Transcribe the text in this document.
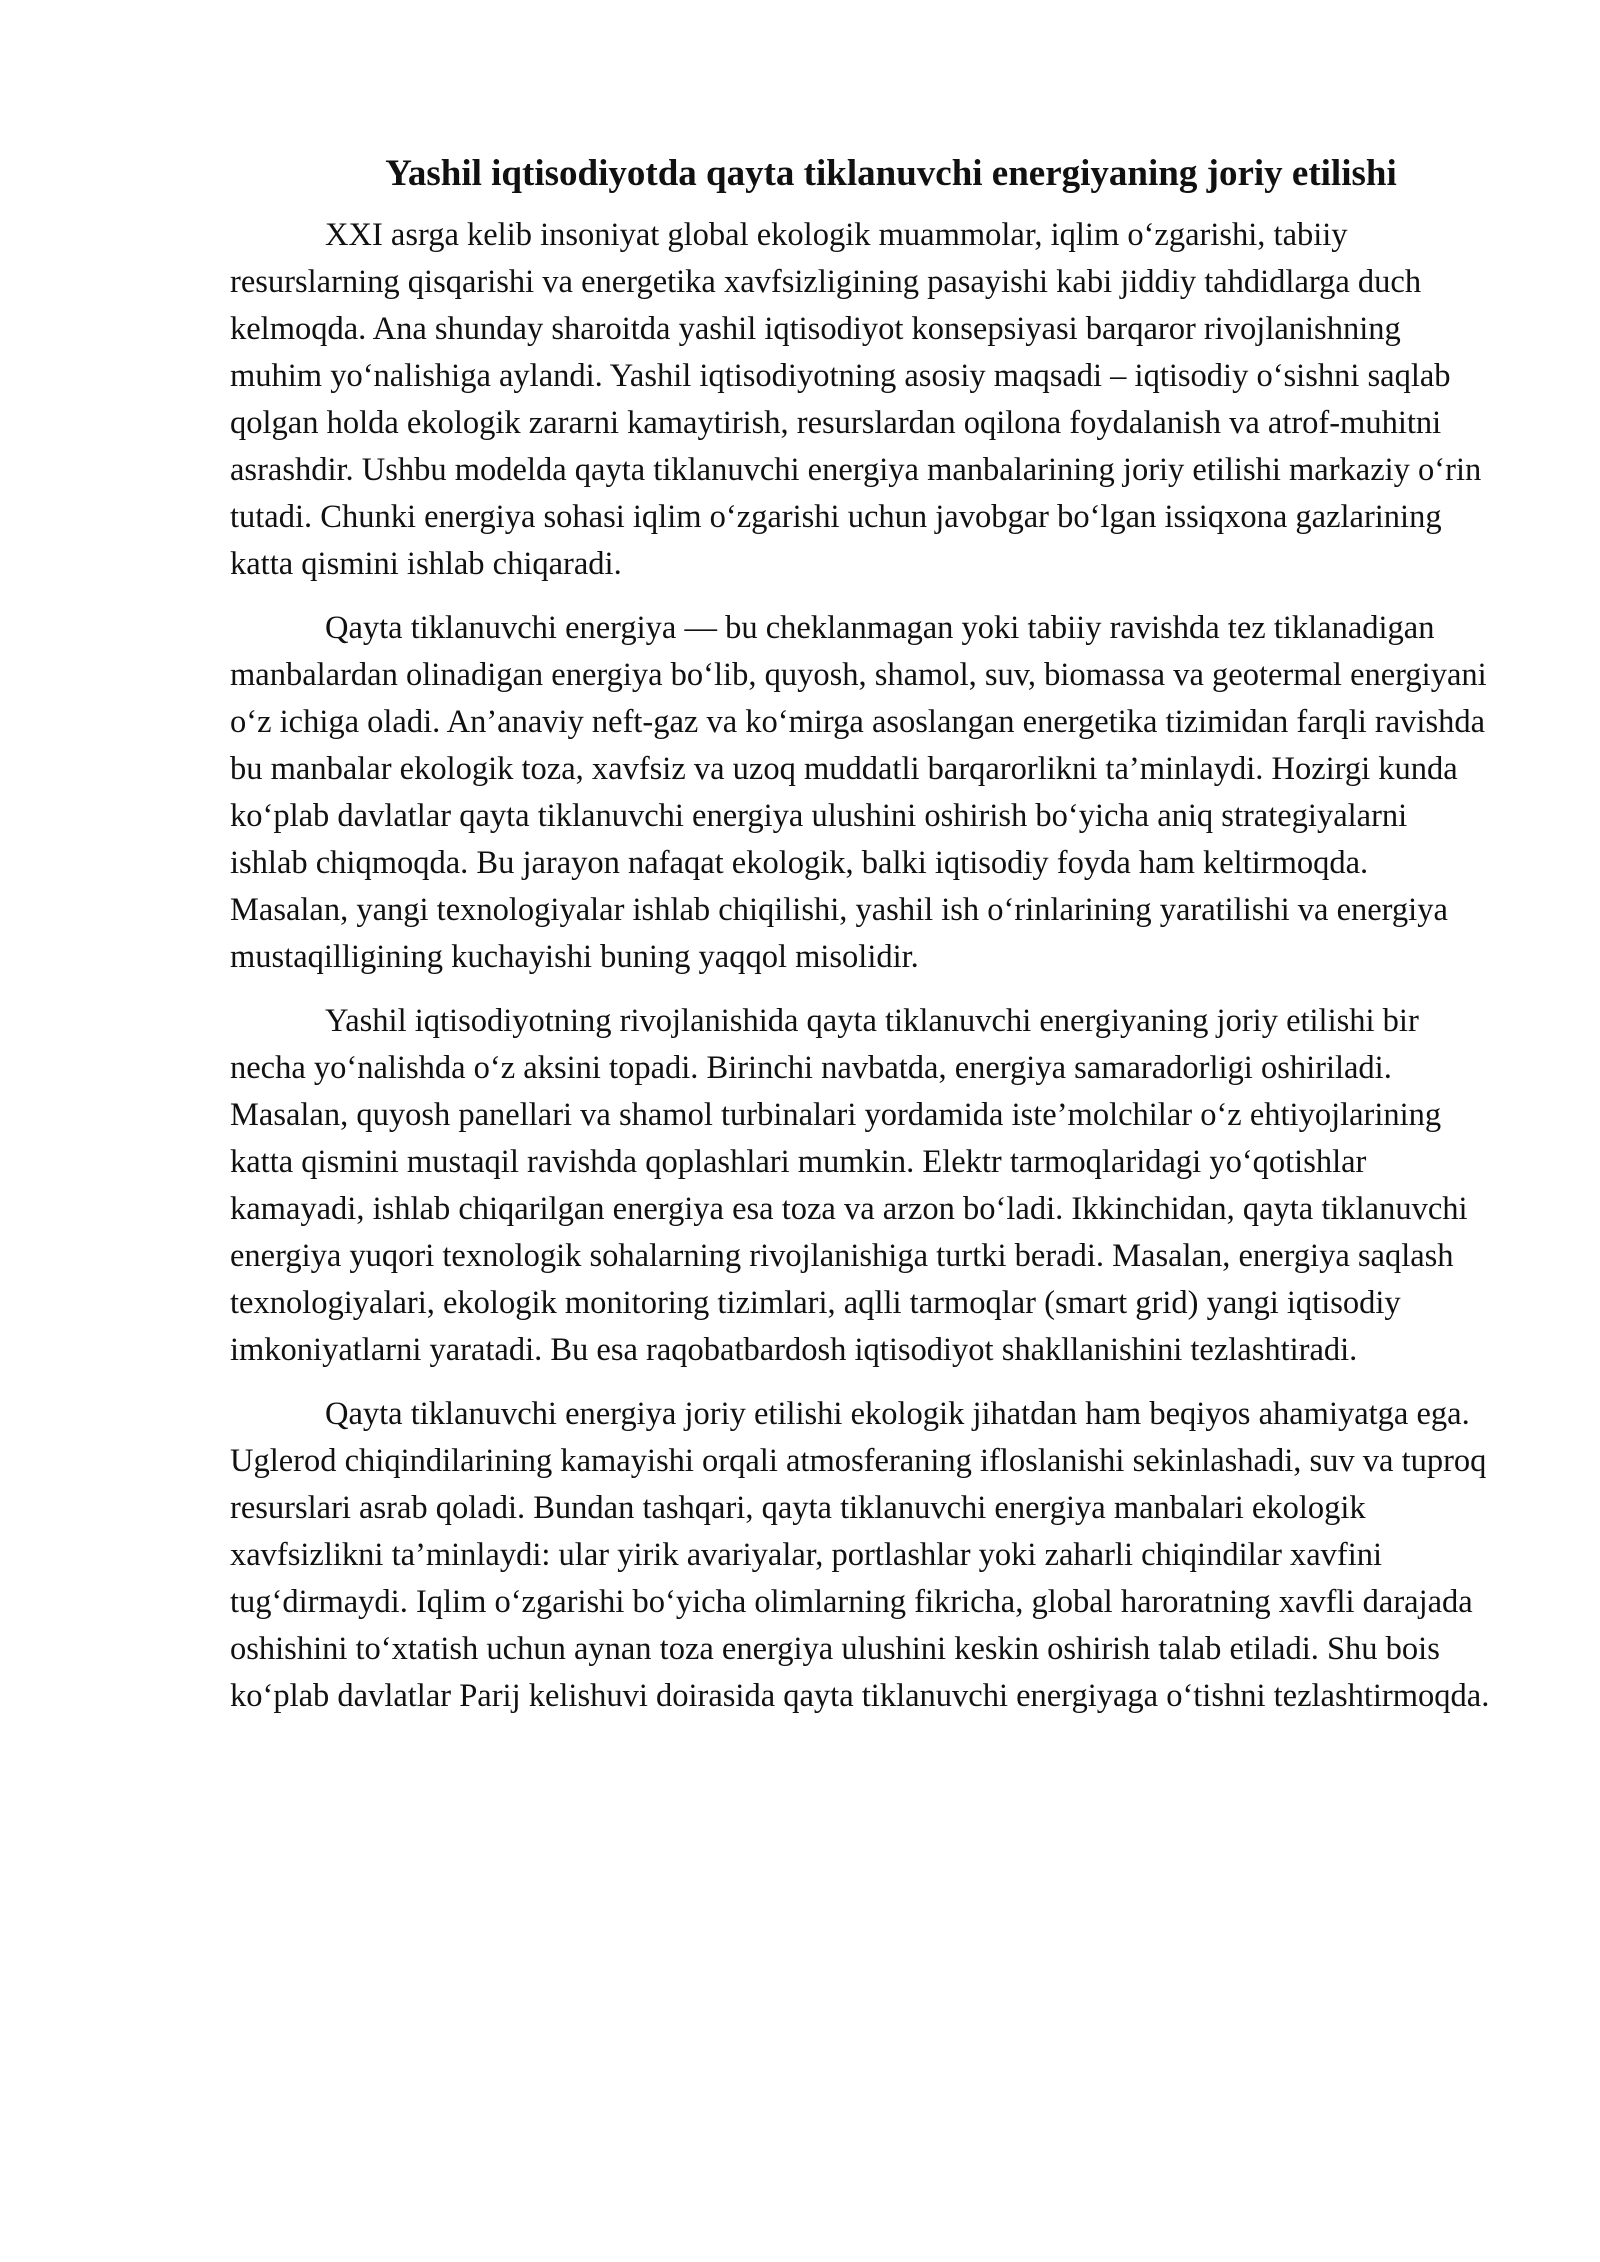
Yashil iqtisodiyotda qayta tiklanuvchi energiyaning joriy etilishi

XXI asrga kelib insoniyat global ekologik muammolar, iqlim o‘zgarishi, tabiiy resurslarning qisqarishi va energetika xavfsizligining pasayishi kabi jiddiy tahdidlarga duch kelmoqda. Ana shunday sharoitda yashil iqtisodiyot konsepsiyasi barqaror rivojlanishning muhim yo‘nalishiga aylandi. Yashil iqtisodiyotning asosiy maqsadi – iqtisodiy o‘sishni saqlab qolgan holda ekologik zararni kamaytirish, resurslardan oqilona foydalanish va atrof-muhitni asrashdir. Ushbu modelda qayta tiklanuvchi energiya manbalarining joriy etilishi markaziy o‘rin tutadi. Chunki energiya sohasi iqlim o‘zgarishi uchun javobgar bo‘lgan issiqxona gazlarining katta qismini ishlab chiqaradi.

Qayta tiklanuvchi energiya — bu cheklanmagan yoki tabiiy ravishda tez tiklanadigan manbalardan olinadigan energiya bo‘lib, quyosh, shamol, suv, biomassa va geotermal energiyani o‘z ichiga oladi. An’anaviy neft-gaz va ko‘mirga asoslangan energetika tizimidan farqli ravishda bu manbalar ekologik toza, xavfsiz va uzoq muddatli barqarorlikni ta’minlaydi. Hozirgi kunda ko‘plab davlatlar qayta tiklanuvchi energiya ulushini oshirish bo‘yicha aniq strategiyalarni ishlab chiqmoqda. Bu jarayon nafaqat ekologik, balki iqtisodiy foyda ham keltirmoqda. Masalan, yangi texnologiyalar ishlab chiqilishi, yashil ish o‘rinlarining yaratilishi va energiya mustaqilligining kuchayishi buning yaqqol misolidir.

Yashil iqtisodiyotning rivojlanishida qayta tiklanuvchi energiyaning joriy etilishi bir necha yo‘nalishda o‘z aksini topadi. Birinchi navbatda, energiya samaradorligi oshiriladi. Masalan, quyosh panellari va shamol turbinalari yordamida iste’molchilar o‘z ehtiyojlarining katta qismini mustaqil ravishda qoplashlari mumkin. Elektr tarmoqlaridagi yo‘qotishlar kamayadi, ishlab chiqarilgan energiya esa toza va arzon bo‘ladi. Ikkinchidan, qayta tiklanuvchi energiya yuqori texnologik sohalarning rivojlanishiga turtki beradi. Masalan, energiya saqlash texnologiyalari, ekologik monitoring tizimlari, aqlli tarmoqlar (smart grid) yangi iqtisodiy imkoniyatlarni yaratadi. Bu esa raqobatbardosh iqtisodiyot shakllanishini tezlashtiradi.

Qayta tiklanuvchi energiya joriy etilishi ekologik jihatdan ham beqiyos ahamiyatga ega. Uglerod chiqindilarining kamayishi orqali atmosferaning ifloslanishi sekinlashadi, suv va tuproq resurslari asrab qoladi. Bundan tashqari, qayta tiklanuvchi energiya manbalari ekologik xavfsizlikni ta’minlaydi: ular yirik avariyalar, portlashlar yoki zaharli chiqindilar xavfini tug‘dirmaydi. Iqlim o‘zgarishi bo‘yicha olimlarning fikricha, global haroratning xavfli darajada oshishini to‘xtatish uchun aynan toza energiya ulushini keskin oshirish talab etiladi. Shu bois ko‘plab davlatlar Parij kelishuvi doirasida qayta tiklanuvchi energiyaga o‘tishni tezlashtirmoqda.
